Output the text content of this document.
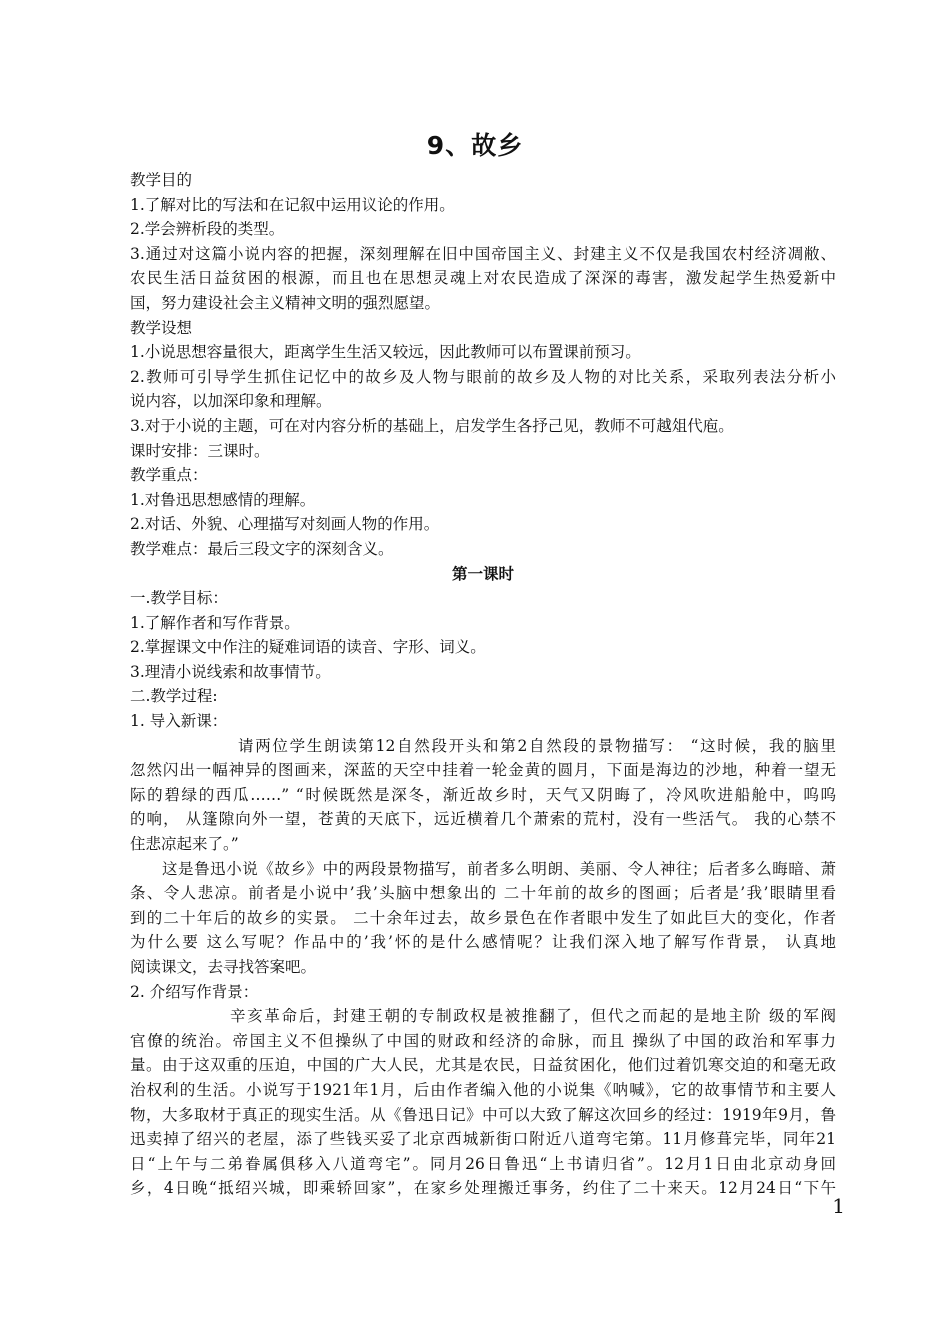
9、故乡
教学目的
1.了解对比的写法和在记叙中运用议论的作用。
2.学会辨析段的类型。
3.通过对这篇小说内容的把握，深刻理解在旧中国帝国主义、封建主义不仅是我国农村经济凋敝、
农民生活日益贫困的根源，而且也在思想灵魂上对农民造成了深深的毒害，激发起学生热爱新中
国，努力建设社会主义精神文明的强烈愿望。
教学设想
1.小说思想容量很大，距离学生生活又较远，因此教师可以布置课前预习。
2.教师可引导学生抓住记忆中的故乡及人物与眼前的故乡及人物的对比关系，采取列表法分析小
说内容，以加深印象和理解。
3.对于小说的主题，可在对内容分析的基础上，启发学生各抒己见，教师不可越俎代庖。
课时安排：三课时。
教学重点：
1.对鲁迅思想感情的理解。
2.对话、外貌、心理描写对刻画人物的作用。
教学难点：最后三段文字的深刻含义。
第一课时
一.教学目标：
1.了解作者和写作背景。
2.掌握课文中作注的疑难词语的读音、字形、词义。
3.理清小说线索和故事情节。
二.教学过程:
1. 导入新课：
请两位学生朗读第12自然段开头和第2自然段的景物描写： “这时候，我的脑里
忽然闪出一幅神异的图画来，深蓝的天空中挂着一轮金黄的圆月，下面是海边的沙地，种着一望无
际的碧绿的西瓜……” “时候既然是深冬，渐近故乡时，天气又阴晦了，冷风吹进船舱中，呜呜
的响， 从篷隙向外一望，苍黄的天底下，远近横着几个萧索的荒村，没有一些活气。 我的心禁不
住悲凉起来了。”
这是鲁迅小说《故乡》中的两段景物描写，前者多么明朗、美丽、令人神往；后者多么晦暗、萧
条、令人悲凉。前者是小说中’我’头脑中想象出的 二十年前的故乡的图画；后者是’我’眼睛里看
到的二十年后的故乡的实景。 二十余年过去，故乡景色在作者眼中发生了如此巨大的变化，作者
为什么要 这么写呢？作品中的’我’怀的是什么感情呢？让我们深入地了解写作背景， 认真地
阅读课文，去寻找答案吧。
2. 介绍写作背景：
辛亥革命后，封建王朝的专制政权是被推翻了，但代之而起的是地主阶 级的军阀
官僚的统治。帝国主义不但操纵了中国的财政和经济的命脉，而且 操纵了中国的政治和军事力
量。由于这双重的压迫，中国的广大人民，尤其是农民，日益贫困化，他们过着饥寒交迫的和毫无政
治权利的生活。小说写于1921年1月，后由作者编入他的小说集《呐喊》，它的故事情节和主要人
物，大多取材于真正的现实生活。从《鲁迅日记》中可以大致了解这次回乡的经过：1919年9月，鲁
迅卖掉了绍兴的老屋，添了些钱买妥了北京西城新街口附近八道弯宅第。11月修葺完毕，同年21
日“上午与二弟眷属俱移入八道弯宅”。同月26日鲁迅“上书请归省”。12月1日由北京动身回
乡，4日晚“抵绍兴城，即乘轿回家”，在家乡处理搬迁事务，约住了二十来天。12月24日“下午
1
